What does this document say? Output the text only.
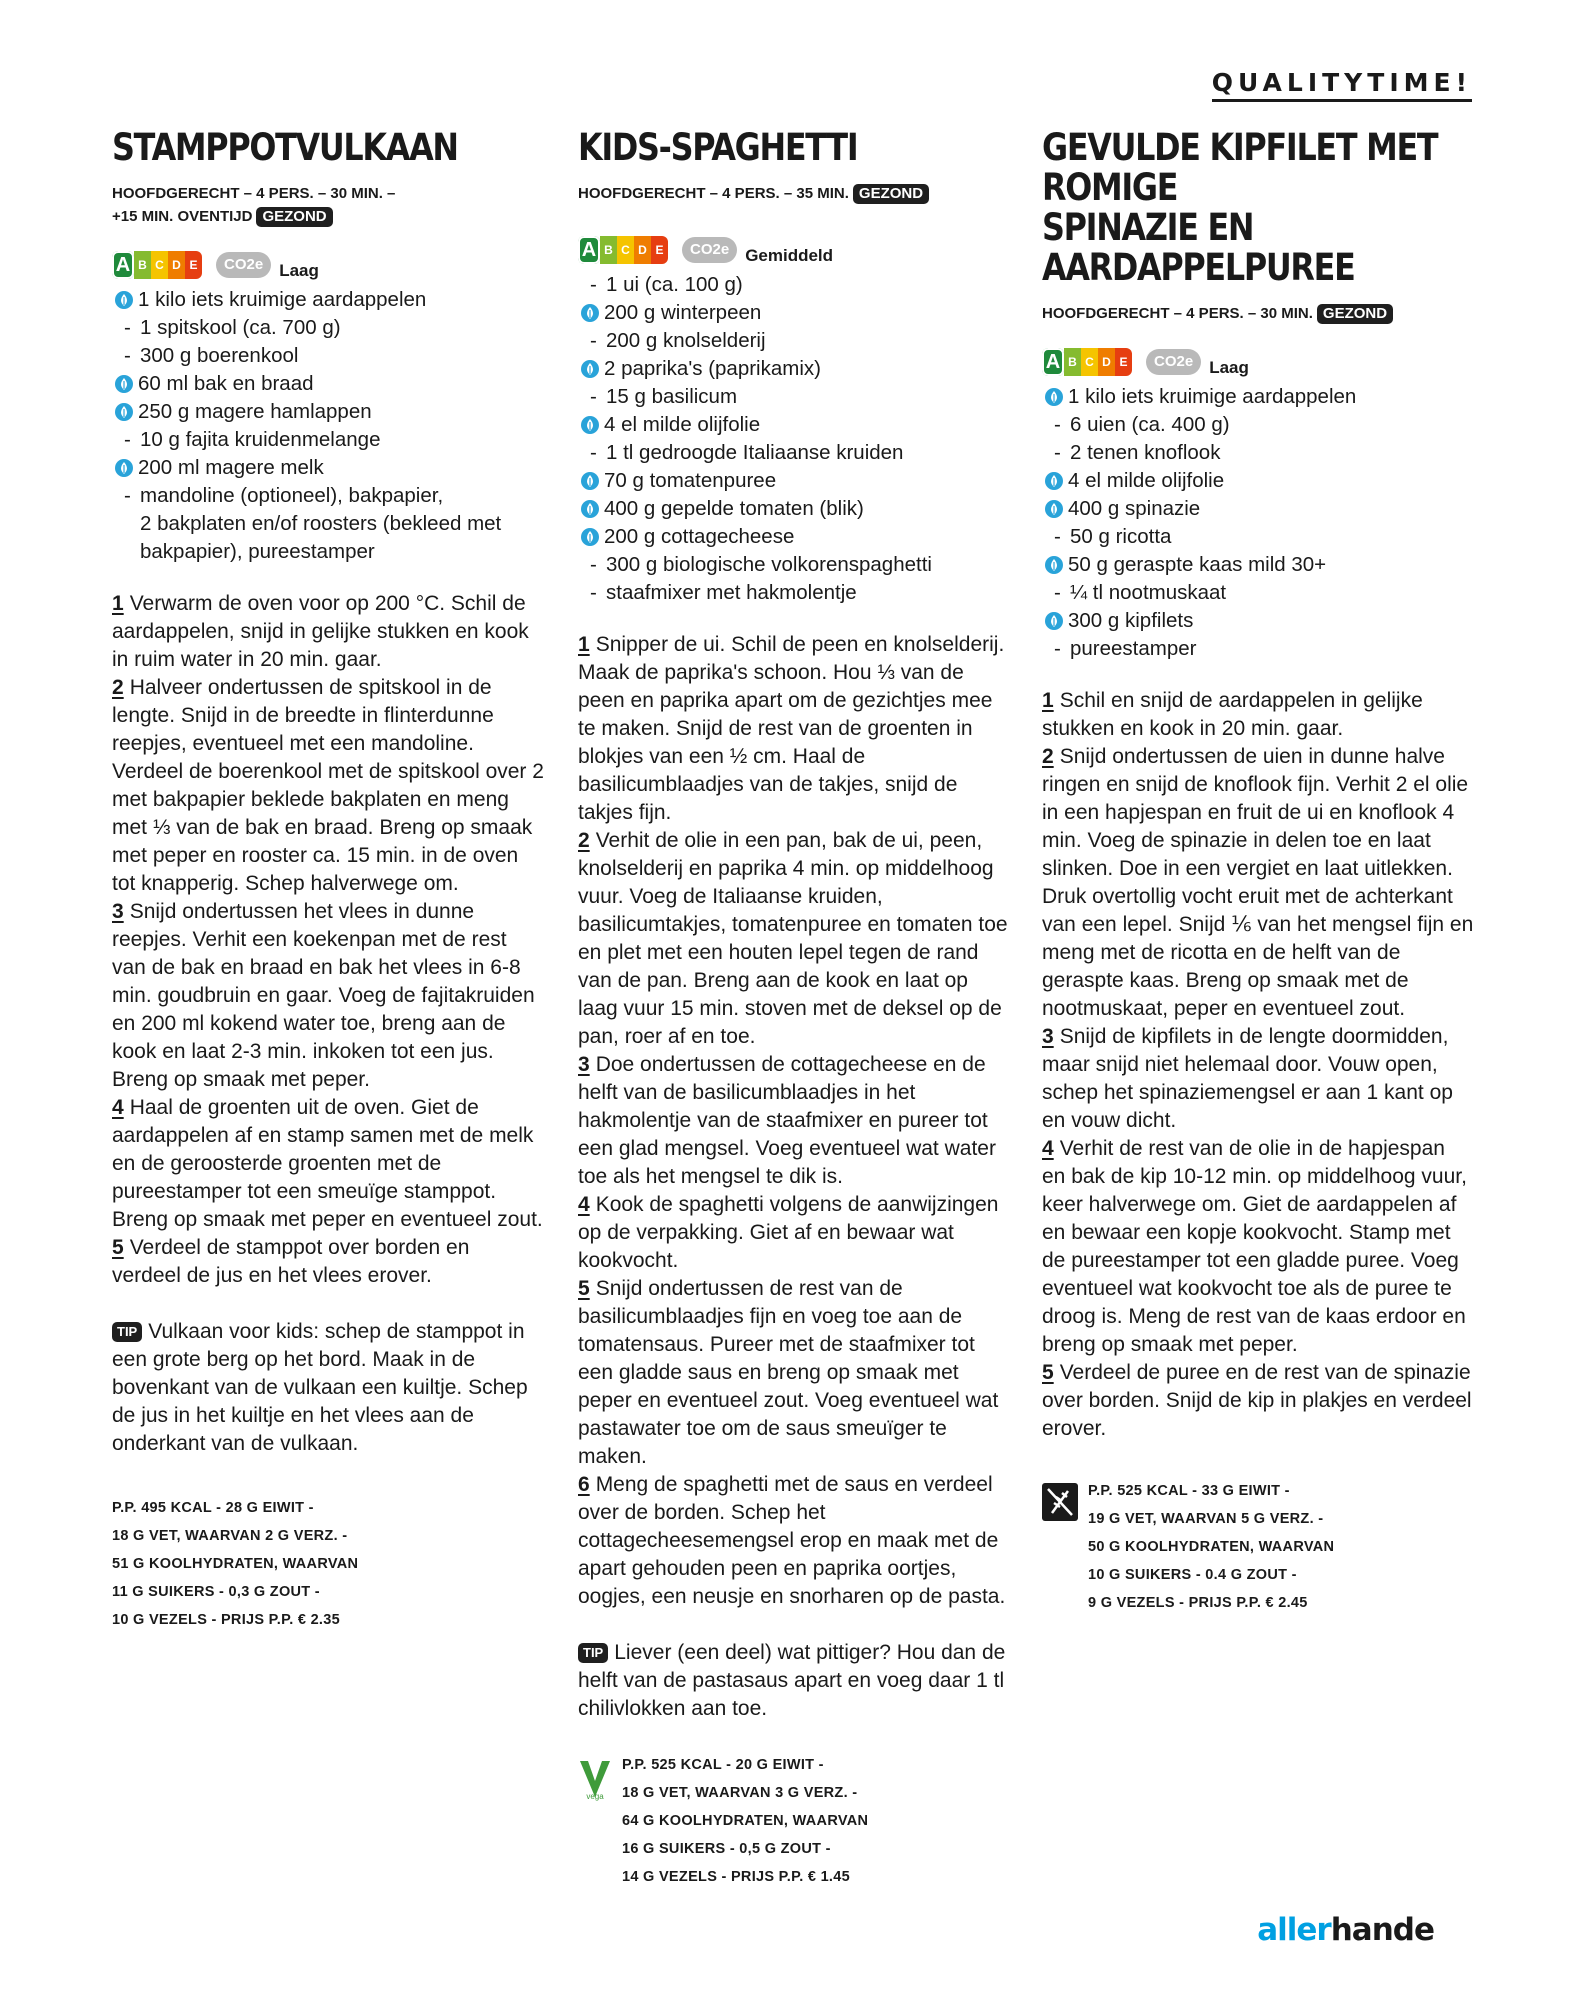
QUALITYTIME!
STAMPPOTVULKAAN
HOOFDGERECHT – 4 PERS. – 30 MIN. –
+15 MIN. OVENTIJD GEZOND
A B C D E	CO2e Laag
1 kilo iets kruimige aardappelen
- 1 spitskool (ca. 700 g)
- 300 g boerenkool
60 ml bak en braad
250 g magere hamlappen
- 10 g fajita kruidenmelange
200 ml magere melk
- mandoline (optioneel), bakpapier,
2 bakplaten en/of roosters (bekleed met
bakpapier), pureestamper

1 Verwarm de oven voor op 200 °C. Schil de aardappelen, snijd in gelijke stukken en kook in ruim water in 20 min. gaar.

2 Halveer ondertussen de spitskool in de lengte. Snijd in de breedte in flinterdunne reepjes, eventueel met een mandoline. Verdeel de boerenkool met de spitskool over 2 met bakpapier beklede bakplaten en meng met ⅓ van de bak en braad. Breng op smaak met peper en rooster ca. 15 min. in de oven tot knapperig. Schep halverwege om.

3 Snijd ondertussen het vlees in dunne reepjes. Verhit een koekenpan met de rest van de bak en braad en bak het vlees in 6-8 min. goudbruin en gaar. Voeg de fajitakruiden en 200 ml kokend water toe, breng aan de kook en laat 2-3 min. inkoken tot een jus. Breng op smaak met peper.

4 Haal de groenten uit de oven. Giet de aardappelen af en stamp samen met de melk en de geroosterde groenten met de pureestamper tot een smeuïge stamppot. Breng op smaak met peper en eventueel zout.

5 Verdeel de stamppot over borden en verdeel de jus en het vlees erover.

TIP Vulkaan voor kids: schep de stamppot in een grote berg op het bord. Maak in de bovenkant van de vulkaan een kuiltje. Schep de jus in het kuiltje en het vlees aan de onderkant van de vulkaan.
P.P. 495 KCAL - 28 G EIWIT -
18 G VET, WAARVAN 2 G VERZ. -
51 G KOOLHYDRATEN, WAARVAN
11 G SUIKERS - 0,3 G ZOUT -
10 G VEZELS - PRIJS P.P. € 2.35
KIDS-SPAGHETTI
HOOFDGERECHT – 4 PERS. – 35 MIN. GEZOND
A B C D E	CO2e Gemiddeld
- 1 ui (ca. 100 g)
200 g winterpeen
- 200 g knolselderij
2 paprika's (paprikamix)
- 15 g basilicum
4 el milde olijfolie
- 1 tl gedroogde Italiaanse kruiden
70 g tomatenpuree
400 g gepelde tomaten (blik)
200 g cottagecheese
- 300 g biologische volkorenspaghetti
- staafmixer met hakmolentje

1 Snipper de ui. Schil de peen en knolselderij. Maak de paprika's schoon. Hou ⅓ van de peen en paprika apart om de gezichtjes mee te maken. Snijd de rest van de groenten in blokjes van een ½ cm. Haal de basilicumblaadjes van de takjes, snijd de takjes fijn.

2 Verhit de olie in een pan, bak de ui, peen, knolselderij en paprika 4 min. op middelhoog vuur. Voeg de Italiaanse kruiden, basilicumtakjes, tomatenpuree en tomaten toe en plet met een houten lepel tegen de rand van de pan. Breng aan de kook en laat op laag vuur 15 min. stoven met de deksel op de pan, roer af en toe.

3 Doe ondertussen de cottagecheese en de helft van de basilicumblaadjes in het hakmolentje van de staafmixer en pureer tot een glad mengsel. Voeg eventueel wat water toe als het mengsel te dik is.

4 Kook de spaghetti volgens de aanwijzingen op de verpakking. Giet af en bewaar wat kookvocht.

5 Snijd ondertussen de rest van de basilicumblaadjes fijn en voeg toe aan de tomatensaus. Pureer met de staafmixer tot een gladde saus en breng op smaak met peper en eventueel zout. Voeg eventueel wat pastawater toe om de saus smeuïger te maken.

6 Meng de spaghetti met de saus en verdeel over de borden. Schep het cottagecheesemengsel erop en maak met de apart gehouden peen en paprika oortjes, oogjes, een neusje en snorharen op de pasta.

TIP Liever (een deel) wat pittiger? Hou dan de helft van de pastasaus apart en voeg daar 1 tl chilivlokken aan toe.
vega
P.P. 525 KCAL - 20 G EIWIT -
18 G VET, WAARVAN 3 G VERZ. -
64 G KOOLHYDRATEN, WAARVAN
16 G SUIKERS - 0,5 G ZOUT -
14 G VEZELS - PRIJS P.P. € 1.45
GEVULDE KIPFILET MET ROMIGE
SPINAZIE EN AARDAPPELPUREE
HOOFDGERECHT – 4 PERS. – 30 MIN. GEZOND
A B C D E	CO2e Laag
1 kilo iets kruimige aardappelen
- 6 uien (ca. 400 g)
- 2 tenen knoflook
4 el milde olijfolie
400 g spinazie
- 50 g ricotta
50 g geraspte kaas mild 30+
- ¼ tl nootmuskaat
300 g kipfilets
- pureestamper

1 Schil en snijd de aardappelen in gelijke stukken en kook in 20 min. gaar.

2 Snijd ondertussen de uien in dunne halve ringen en snijd de knoflook fijn. Verhit 2 el olie in een hapjespan en fruit de ui en knoflook 4 min. Voeg de spinazie in delen toe en laat slinken. Doe in een vergiet en laat uitlekken. Druk overtollig vocht eruit met de achterkant van een lepel. Snijd ⅙ van het mengsel fijn en meng met de ricotta en de helft van de geraspte kaas. Breng op smaak met de nootmuskaat, peper en eventueel zout.

3 Snijd de kipfilets in de lengte doormidden, maar snijd niet helemaal door. Vouw open, schep het spinaziemengsel er aan 1 kant op en vouw dicht.

4 Verhit de rest van de olie in de hapjespan en bak de kip 10-12 min. op middelhoog vuur, keer halverwege om. Giet de aardappelen af en bewaar een kopje kookvocht. Stamp met de pureestamper tot een gladde puree. Voeg eventueel wat kookvocht toe als de puree te droog is. Meng de rest van de kaas erdoor en breng op smaak met peper.

5 Verdeel de puree en de rest van de spinazie over borden. Snijd de kip in plakjes en verdeel erover.

P.P. 525 KCAL - 33 G EIWIT -
19 G VET, WAARVAN 5 G VERZ. -
50 G KOOLHYDRATEN, WAARVAN
10 G SUIKERS - 0.4 G ZOUT -
9 G VEZELS - PRIJS P.P. € 2.45
allerhande
